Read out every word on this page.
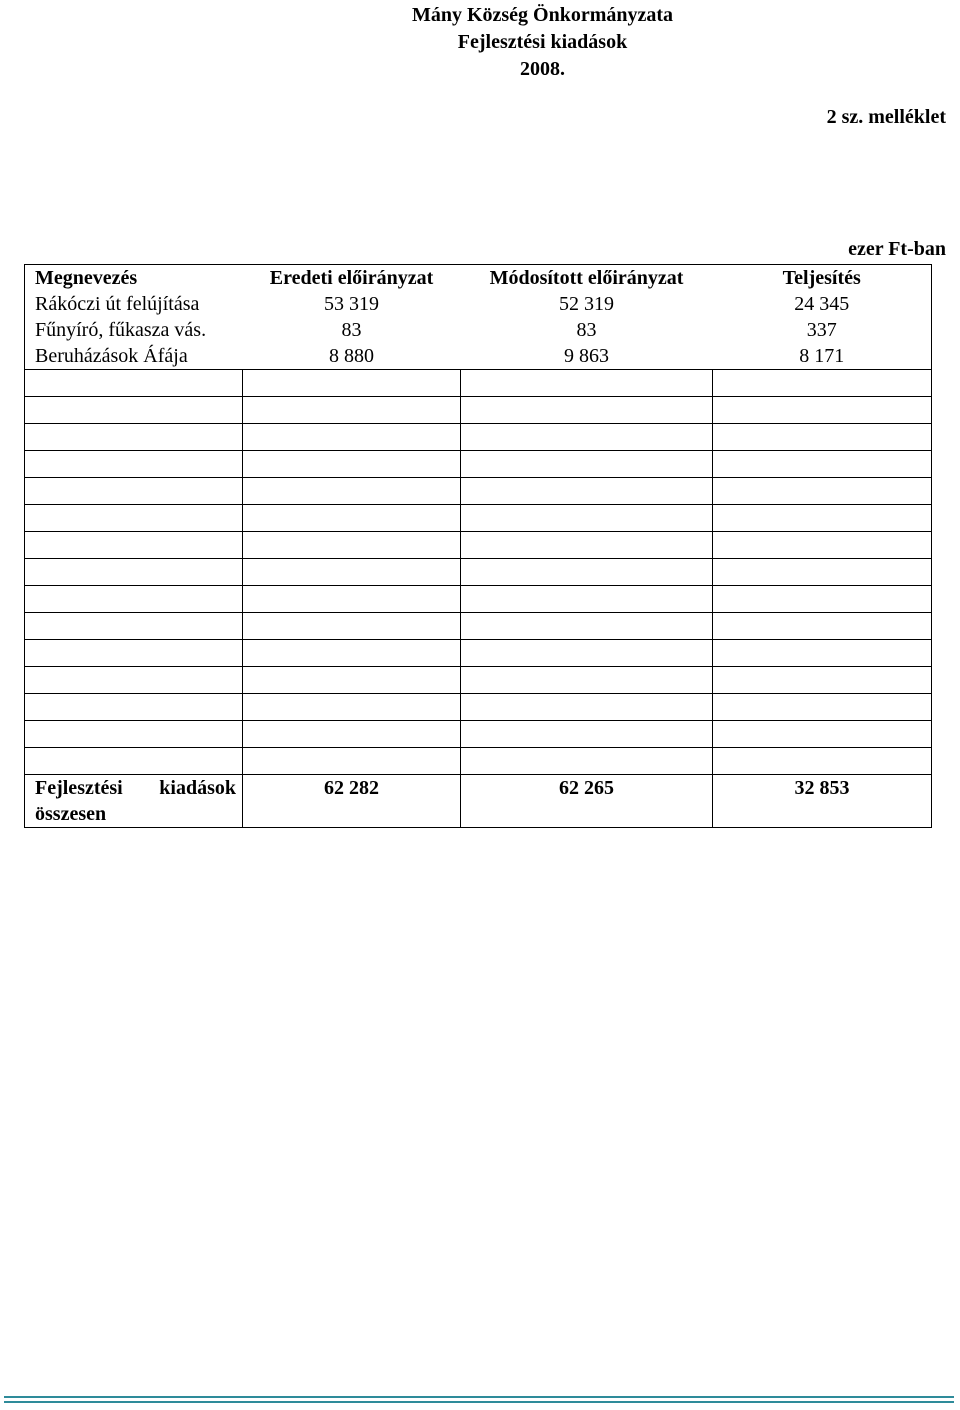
Mány Község Önkormányzata
Fejlesztési kiadások
2008.
2 sz. melléklet
ezer Ft-ban
Megnevezés	Eredeti előirányzat	Módosított előirányzat	Teljesítés
Rákóczi út felújítása	53 319	52 319	24 345
Fűnyíró, fűkasza vás.	83	83	337
Beruházások Áfája	8 880	9 863	8 171

Fejlesztési kiadások összesen	62 282	62 265	32 853
